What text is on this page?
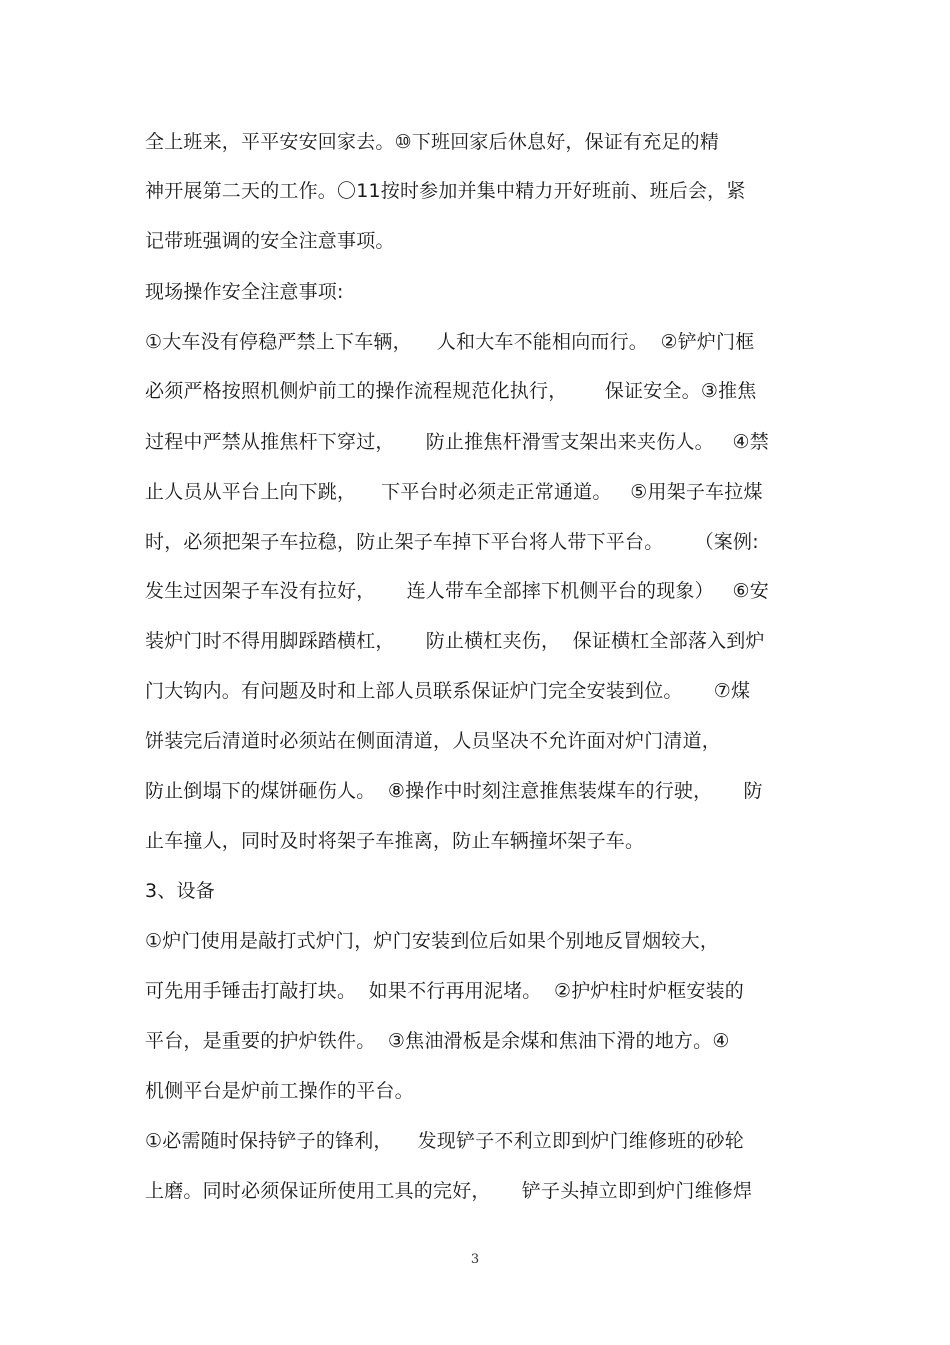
全上班来，平平安安回家去。⑩下班回家后休息好，保证有充足的精
神开展第二天的工作。〇11按时参加并集中精力开好班前、班后会，紧
记带班强调的安全注意事项。
现场操作安全注意事项:
①大车没有停稳严禁上下车辆，    人和大车不能相向而行。  ②铲炉门框
必须严格按照机侧炉前工的操作流程规范化执行，      保证安全。③推焦
过程中严禁从推焦杆下穿过，     防止推焦杆滑雪支架出来夹伤人。   ④禁
止人员从平台上向下跳，    下平台时必须走正常通道。   ⑤用架子车拉煤
时，必须把架子车拉稳，防止架子车掉下平台将人带下平台。     （案例:
发生过因架子车没有拉好，     连人带车全部摔下机侧平台的现象）   ⑥安
装炉门时不得用脚踩踏横杠，     防止横杠夹伤，  保证横杠全部落入到炉
门大钩内。有问题及时和上部人员联系保证炉门完全安装到位。     ⑦煤
饼装完后清道时必须站在侧面清道，人员坚决不允许面对炉门清道，
防止倒塌下的煤饼砸伤人。  ⑧操作中时刻注意推焦装煤车的行驶，     防
止车撞人，同时及时将架子车推离，防止车辆撞坏架子车。
3、设备
①炉门使用是敲打式炉门，炉门安装到位后如果个别地反冒烟较大，
可先用手锤击打敲打块。  如果不行再用泥堵。  ②护炉柱时炉框安装的
平台，是重要的护炉铁件。  ③焦油滑板是余煤和焦油下滑的地方。④
机侧平台是炉前工操作的平台。
①必需随时保持铲子的锋利，    发现铲子不利立即到炉门维修班的砂轮
上磨。同时必须保证所使用工具的完好，     铲子头掉立即到炉门维修焊
3
